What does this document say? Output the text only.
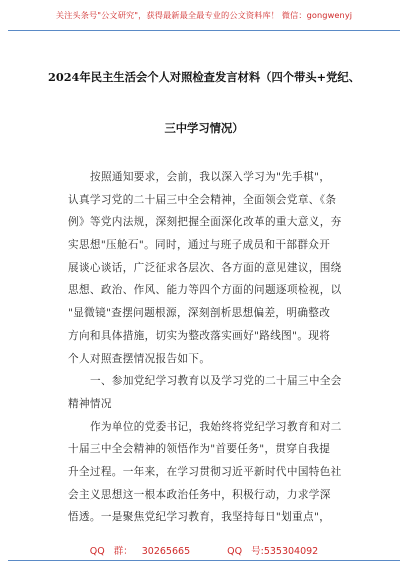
关注头条号"公文研究"，获得最新最全最专业的公文资料库！ 微信：gongwenyj
2024年民主生活会个人对照检查发言材料（四个带头+党纪、
三中学习情况）
按照通知要求，会前，我以深入学习为"先手棋"，
认真学习党的二十届三中全会精神，全面领会党章、《条
例》等党内法规，深刻把握全面深化改革的重大意义，夯
实思想"压舱石"。同时，通过与班子成员和干部群众开
展谈心谈话，广泛征求各层次、各方面的意见建议，围绕
思想、政治、作风、能力等四个方面的问题逐项检视，以
"显微镜"查摆问题根源，深刻剖析思想偏差，明确整改
方向和具体措施，切实为整改落实画好"路线图"。现将
个人对照查摆情况报告如下。
一、参加党纪学习教育以及学习党的二十届三中全会
精神情况
作为单位的党委书记，我始终将党纪学习教育和对二
十届三中全会精神的领悟作为"首要任务"，贯穿自我提
升全过程。一年来，在学习贯彻习近平新时代中国特色社
会主义思想这一根本政治任务中，积极行动，力求学深
悟透。一是聚焦党纪学习教育，我坚持每日"划重点"，
QQ 群： 30265665	QQ 号:535304092
